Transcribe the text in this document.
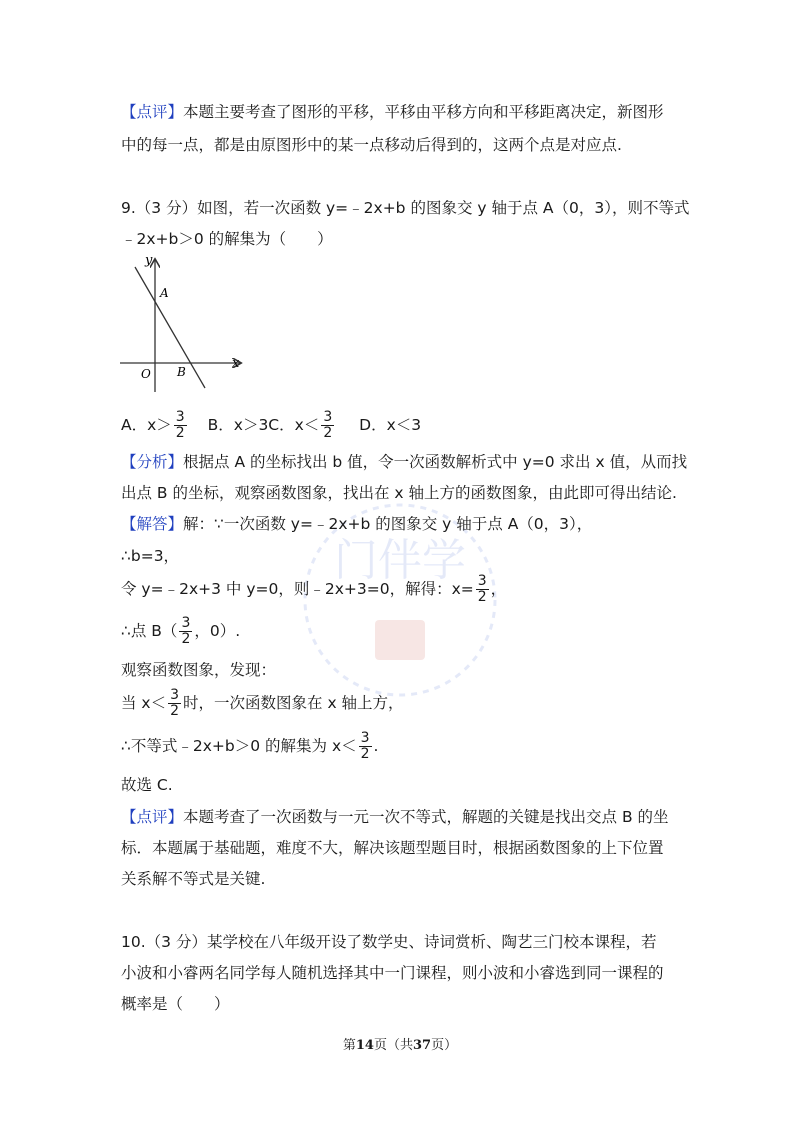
门伴学
【点评】本题主要考查了图形的平移，平移由平移方向和平移距离决定，新图形
中的每一点，都是由原图形中的某一点移动后得到的，这两个点是对应点.
9.（3 分）如图，若一次函数 y=﹣2x+b 的图象交 y 轴于点 A（0，3），则不等式
﹣2x+b＞0 的解集为（　　）
y
x
A
O B
A．$x> \frac{3}{2}$ B．x＞3C．$x< \frac{3}{2}$ D．x＜3
【分析】根据点 A 的坐标找出 b 值，令一次函数解析式中 y=0 求出 x 值，从而找
出点 B 的坐标，观察函数图象，找出在 x 轴上方的函数图象，由此即可得出结论.
【解答】解：∵一次函数 y=﹣2x+b 的图象交 y 轴于点 A（0，3），
∴b=3，
令 y=﹣2x+3 中 y=0，则﹣2x+3=0，解得：$x= \frac{3}{2}$ ，
∴点 $B( \frac{3}{2}$ ，0）.
观察函数图象，发现：
当 $x< \frac{3}{2}$ 时，一次函数图象在 x 轴上方，
∴不等式﹣2x+b＞0 的解集为 $x< \frac{3}{2}$ .
故选 C.
【点评】本题考查了一次函数与一元一次不等式，解题的关键是找出交点 B 的坐
标．本题属于基础题，难度不大，解决该题型题目时，根据函数图象的上下位置
关系解不等式是关键.
10.（3 分）某学校在八年级开设了数学史、诗词赏析、陶艺三门校本课程，若
小波和小睿两名同学每人随机选择其中一门课程，则小波和小睿选到同一课程的
概率是（　　）
第14页（共37页）
